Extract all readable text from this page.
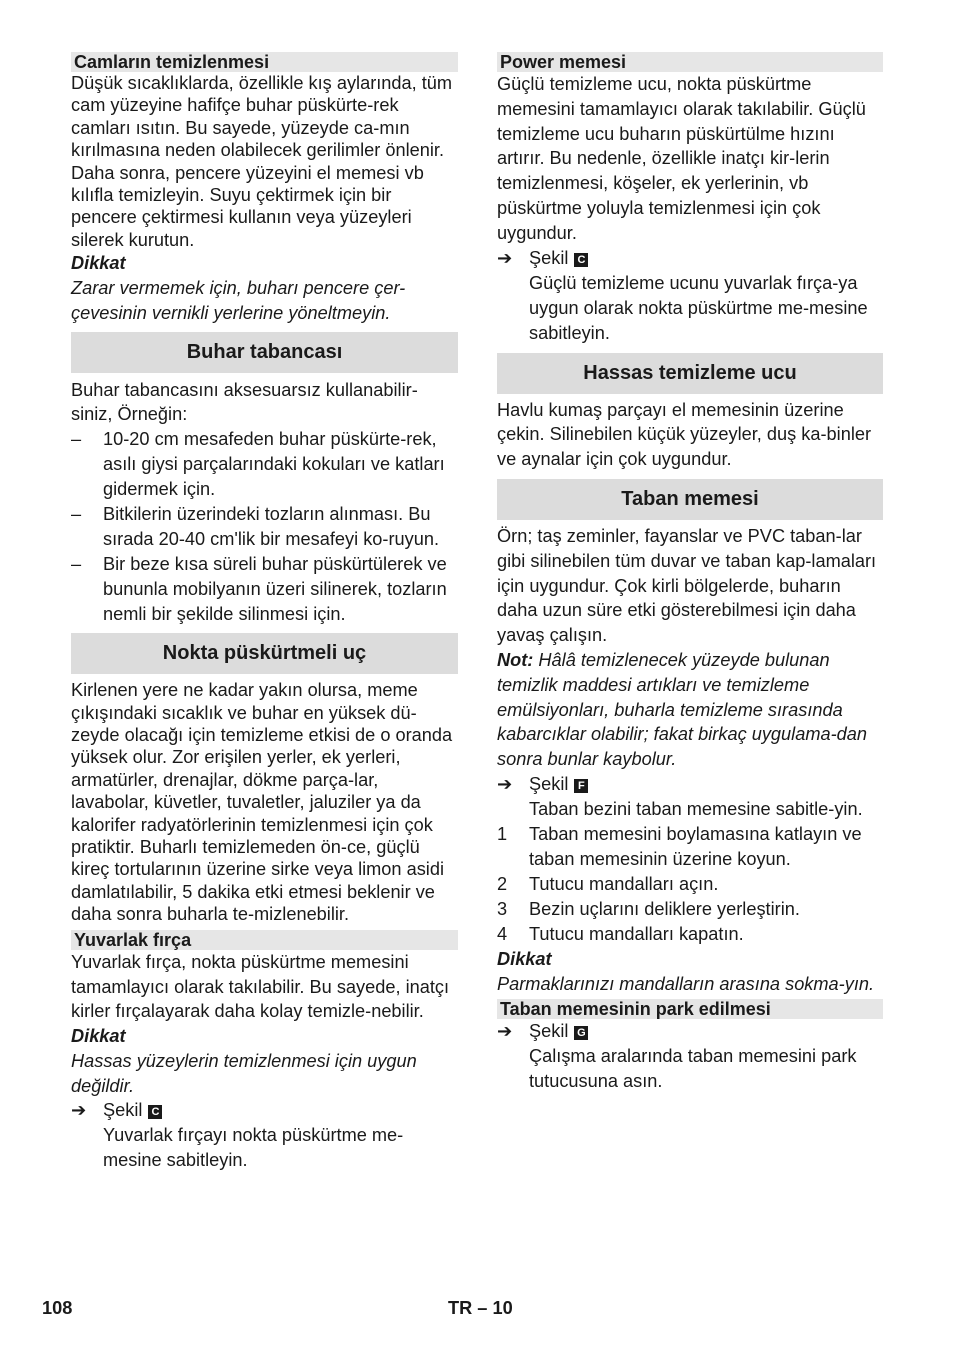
Camların temizlenmesi
Düşük sıcaklıklarda, özellikle kış aylarında, tüm cam yüzeyine hafifçe buhar püskürte-rek camları ısıtın. Bu sayede, yüzeyde ca-mın kırılmasına neden olabilecek gerilimler önlenir.
Daha sonra, pencere yüzeyini el memesi vb kılıfla temizleyin. Suyu çektirmek için bir pencere çektirmesi kullanın veya yüzeyleri silerek kurutun.
Dikkat
Zarar vermemek için, buharı pencere çer-çevesinin vernikli yerlerine yöneltmeyin.
Buhar tabancası
Buhar tabancasını aksesuarsız kullanabilir-siniz, Örneğin:
– 10-20 cm mesafeden buhar püskürte-rek, asılı giysi parçalarındaki kokuları ve katları gidermek için.
– Bitkilerin üzerindeki tozların alınması. Bu sırada 20-40 cm'lik bir mesafeyi ko-ruyun.
– Bir beze kısa süreli buhar püskürtülerek ve bununla mobilyanın üzeri silinerek, tozların nemli bir şekilde silinmesi için.
Nokta püskürtmeli uç
Kirlenen yere ne kadar yakın olursa, meme çıkışındaki sıcaklık ve buhar en yüksek dü-zeyde olacağı için temizleme etkisi de o oranda yüksek olur. Zor erişilen yerler, ek yerleri, armatürler, drenajlar, dökme parça-lar, lavabolar, küvetler, tuvaletler, jaluziler ya da kalorifer radyatörlerinin temizlenmesi için çok pratiktir. Buharlı temizlemeden ön-ce, güçlü kireç tortularının üzerine sirke veya limon asidi damlatılabilir, 5 dakika etki etmesi beklenir ve daha sonra buharla te-mizlenebilir.
Yuvarlak fırça
Yuvarlak fırça, nokta püskürtme memesini tamamlayıcı olarak takılabilir. Bu sayede, inatçı kirler fırçalayarak daha kolay temizle-nebilir.
Dikkat
Hassas yüzeylerin temizlenmesi için uygun değildir.
➔ Şekil C
Yuvarlak fırçayı nokta püskürtme me-mesine sabitleyin.
Power memesi
Güçlü temizleme ucu, nokta püskürtme memesini tamamlayıcı olarak takılabilir. Güçlü temizleme ucu buharın püskürtülme hızını artırır. Bu nedenle, özellikle inatçı kir-lerin temizlenmesi, köşeler, ek yerlerinin, vb püskürtme yoluyla temizlenmesi için çok uygundur.
➔ Şekil C
Güçlü temizleme ucunu yuvarlak fırça-ya uygun olarak nokta püskürtme me-mesine sabitleyin.
Hassas temizleme ucu
Havlu kumaş parçayı el memesinin üzerine çekin. Silinebilen küçük yüzeyler, duş ka-binler ve aynalar için çok uygundur.
Taban memesi
Örn; taş zeminler, fayanslar ve PVC taban-lar gibi silinebilen tüm duvar ve taban kap-lamaları için uygundur. Çok kirli bölgelerde, buharın daha uzun süre etki gösterebilmesi için daha yavaş çalışın.
Not: Hâlâ temizlenecek yüzeyde bulunan temizlik maddesi artıkları ve temizleme emülsiyonları, buharla temizleme sırasında kabarcıklar olabilir; fakat birkaç uygulama-dan sonra bunlar kaybolur.
➔ Şekil F
Taban bezini taban memesine sabitle-yin.
1 Taban memesini boylamasına katlayın ve taban memesinin üzerine koyun.
2 Tutucu mandalları açın.
3 Bezin uçlarını deliklere yerleştirin.
4 Tutucu mandalları kapatın.
Dikkat
Parmaklarınızı mandalların arasına sokma-yın.
Taban memesinin park edilmesi
➔ Şekil G
Çalışma aralarında taban memesini park tutucusuna asın.
108	TR – 10
